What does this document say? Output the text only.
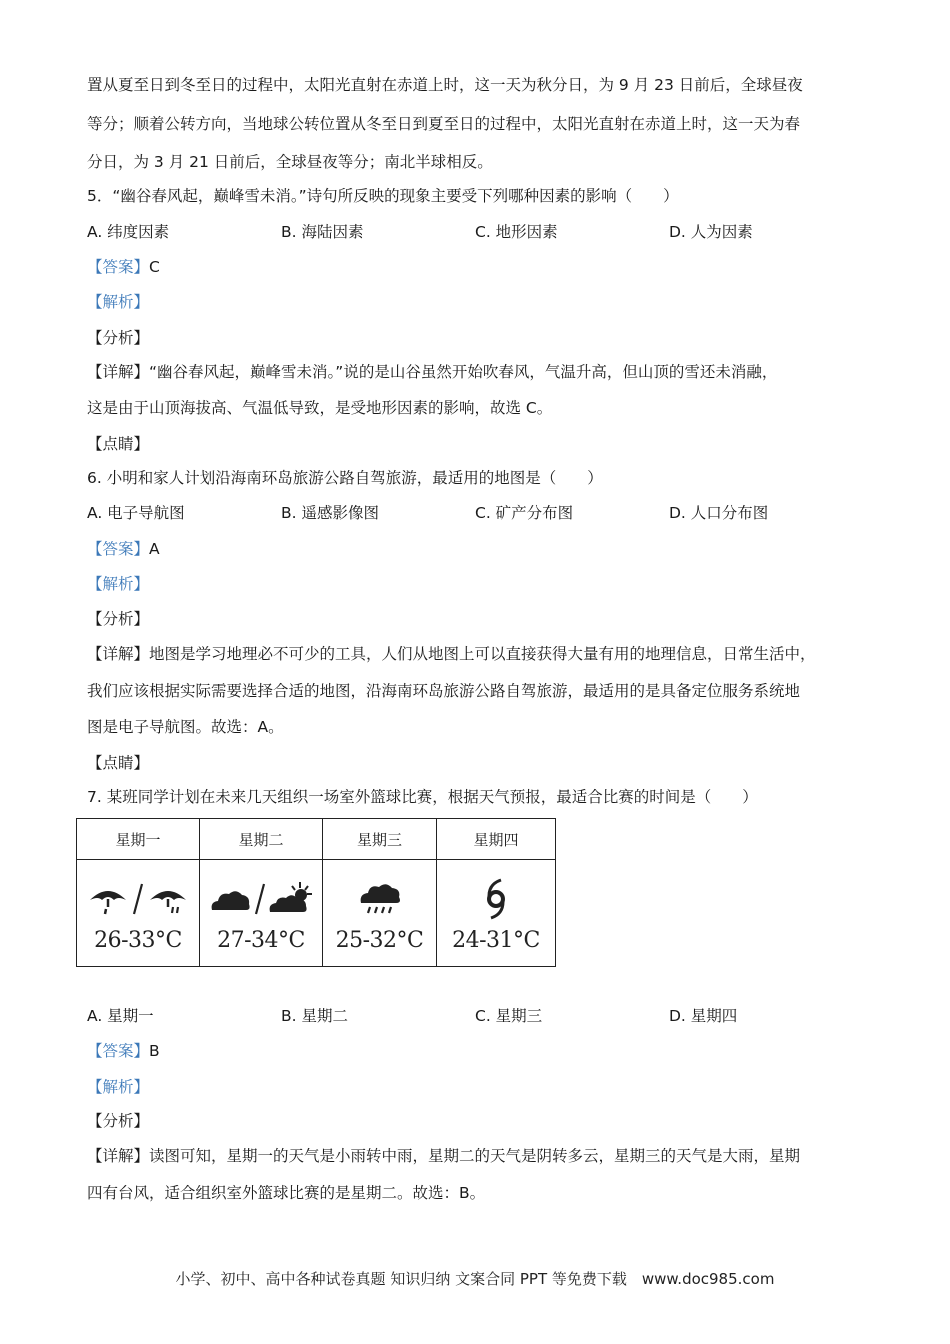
置从夏至日到冬至日的过程中，太阳光直射在赤道上时，这一天为秋分日，为 9 月 23 日前后，全球昼夜
等分；顺着公转方向，当地球公转位置从冬至日到夏至日的过程中，太阳光直射在赤道上时，这一天为春
分日，为 3 月 21 日前后，全球昼夜等分；南北半球相反。
5．“幽谷春风起，巅峰雪未消。”诗句所反映的现象主要受下列哪种因素的影响（　　）
A. 纬度因素	B. 海陆因素	C. 地形因素	D. 人为因素
【答案】C
【解析】
【分析】
【详解】“幽谷春风起，巅峰雪未消。”说的是山谷虽然开始吹春风，气温升高，但山顶的雪还未消融，
这是由于山顶海拔高、气温低导致，是受地形因素的影响，故选 C。
【点睛】
6. 小明和家人计划沿海南环岛旅游公路自驾旅游，最适用的地图是（　　）
A. 电子导航图	B. 遥感影像图	C. 矿产分布图	D. 人口分布图
【答案】A
【解析】
【分析】
【详解】地图是学习地理必不可少的工具，人们从地图上可以直接获得大量有用的地理信息，日常生活中，
我们应该根据实际需要选择合适的地图，沿海南环岛旅游公路自驾旅游，最适用的是具备定位服务系统地
图是电子导航图。故选：A。
【点睛】
7. 某班同学计划在未来几天组织一场室外篮球比赛，根据天气预报，最适合比赛的时间是（　　）
星期一	星期二	星期三	星期四

26-33°C	27-34°C	25-32°C	24-31°C
A. 星期一	B. 星期二	C. 星期三	D. 星期四
【答案】B
【解析】
【分析】
【详解】读图可知，星期一的天气是小雨转中雨，星期二的天气是阴转多云，星期三的天气是大雨，星期
四有台风，适合组织室外篮球比赛的是星期二。故选：B。
小学、初中、高中各种试卷真题 知识归纳 文案合同 PPT 等免费下载　www.doc985.com
